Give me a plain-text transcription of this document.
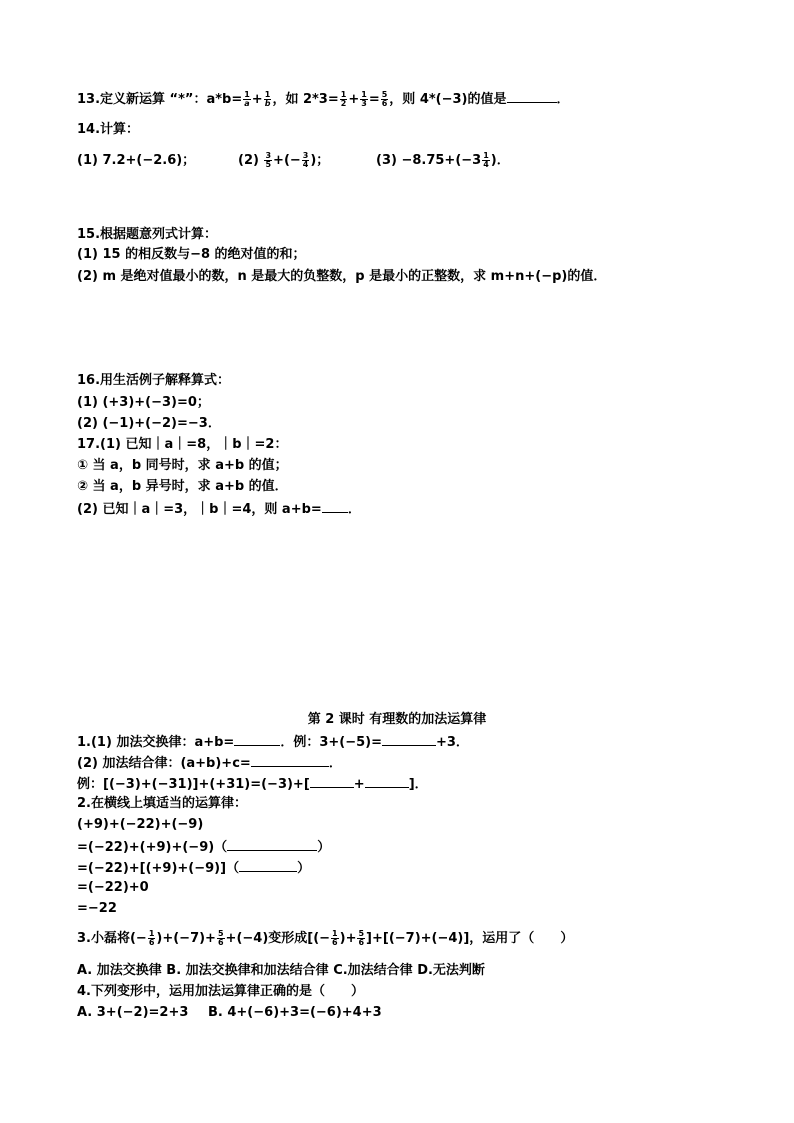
13.定义新运算 “*”：$a*b= \frac{1}{a} + \frac{1}{b}$ ，如 $2*3= \frac{1}{2} + \frac{1}{3} = \frac{5}{6}$ ，则 4*(−3)的值是	．
14.计算：
(1) 7.2+(−2.6)；	$(2) \frac{3}{5}$ +(− $\frac{3}{4}$ )；	$(3) -8.75+(-3 \frac{1}{4}$ )．
15.根据题意列式计算：
(1) 15 的相反数与−8 的绝对值的和；
(2) m 是绝对值最小的数，n 是最大的负整数，p 是最小的正整数，求 m+n+(−p)的值．
16.用生活例子解释算式：
(1) (+3)+(−3)=0；
(2) (−1)+(−2)=−3．
17.(1) 已知｜a｜=8，｜b｜=2：
① 当 a，b 同号时，求 a+b 的值；
② 当 a，b 异号时，求 a+b 的值．
(2) 已知｜a｜=3，｜b｜=4，则 a+b= ．
第 2 课时 有理数的加法运算律
1.(1) 加法交换律：a+b=	．例：3+(−5)=	+3．
(2) 加法结合律：(a+b)+c=	．
例：[(−3)+(−31)]+(+31)=(−3)+[	+	]．
2.在横线上填适当的运算律：
(+9)+(−22)+(−9)
=(−22)+(+9)+(−9)（	）
=(−22)+[(+9)+(−9)]（	）
=(−22)+0
=−22
3.小磊将(− $\frac{1}{6} )+(-7)+ \frac{5}{6} +(-4)$变形成[(− $\frac{1}{6}$ )+ $\frac{5}{6} ]+[(-7)+(-4)]$，运用了（ ）
A. 加法交换律 B. 加法交换律和加法结合律 C.加法结合律 D.无法判断
4.下列变形中，运用加法运算律正确的是（ ）
A. 3+(−2)=2+3 B. 4+(−6)+3=(−6)+4+3
